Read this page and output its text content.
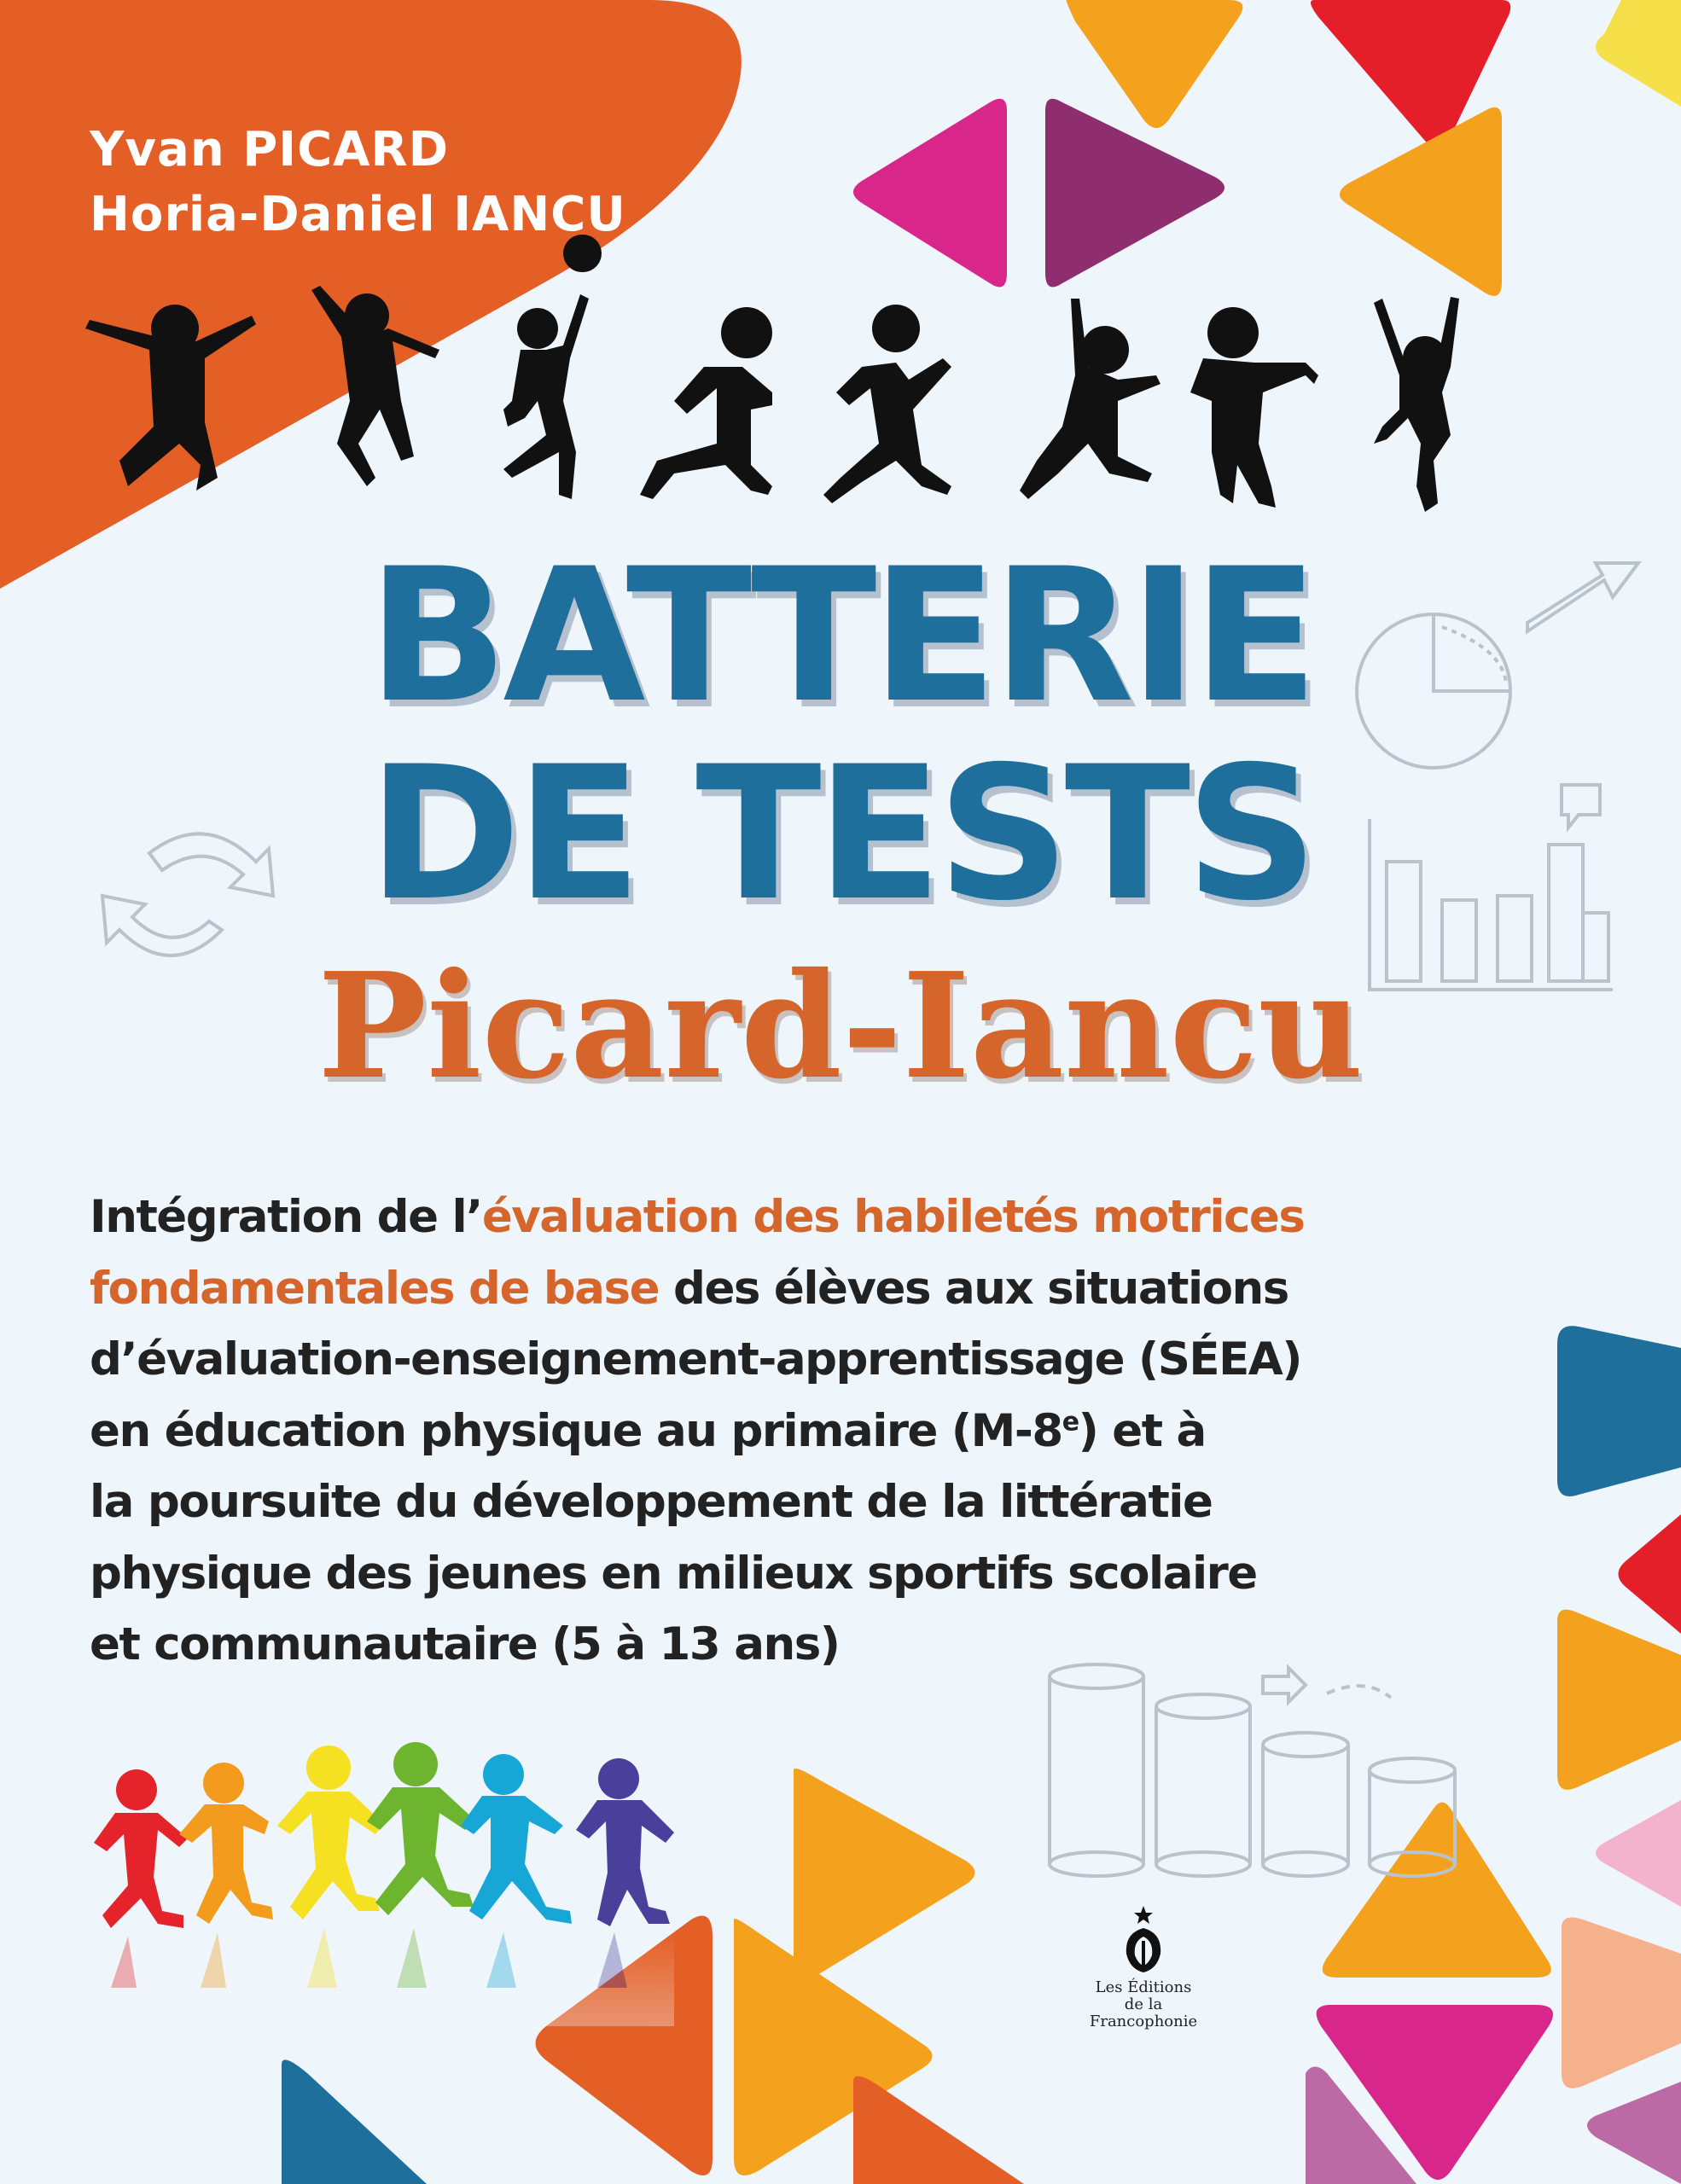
Yvan PICARD
Horia-Daniel IANCU
BATTERIE
DE TESTS
Picard-Iancu
Intégration de l’évaluation des habiletés motrices
fondamentales de base des élèves aux situations
d’évaluation-enseignement-apprentissage (SÉEA)
en éducation physique au primaire (M-8e) et à
la poursuite du développement de la littératie
physique des jeunes en milieux sportifs scolaire
et communautaire (5 à 13 ans)
Les Éditions
de la Francophonie
